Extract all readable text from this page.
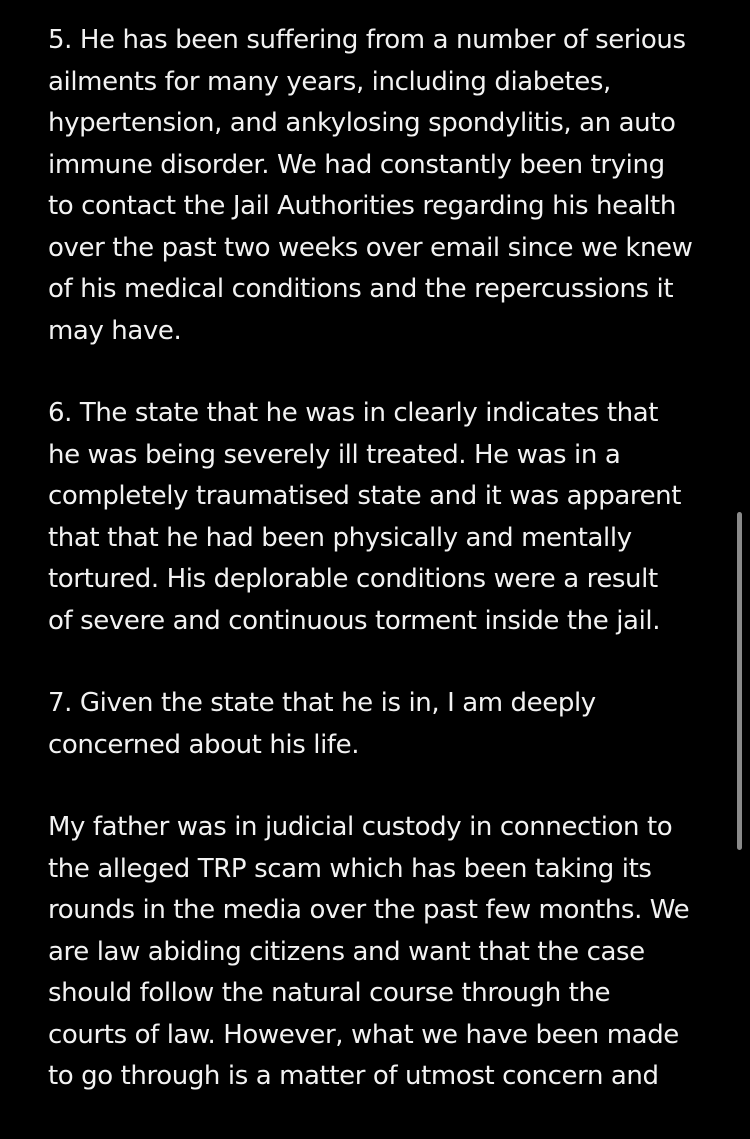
5. He has been suffering from a number of serious
ailments for many years, including diabetes,
hypertension, and ankylosing spondylitis, an auto
immune disorder. We had constantly been trying
to contact the Jail Authorities regarding his health
over the past two weeks over email since we knew
of his medical conditions and the repercussions it
may have.
6. The state that he was in clearly indicates that
he was being severely ill treated. He was in a
completely traumatised state and it was apparent
that that he had been physically and mentally
tortured. His deplorable conditions were a result
of severe and continuous torment inside the jail.
7. Given the state that he is in, I am deeply
concerned about his life.
My father was in judicial custody in connection to
the alleged TRP scam which has been taking its
rounds in the media over the past few months. We
are law abiding citizens and want that the case
should follow the natural course through the
courts of law. However, what we have been made
to go through is a matter of utmost concern and
